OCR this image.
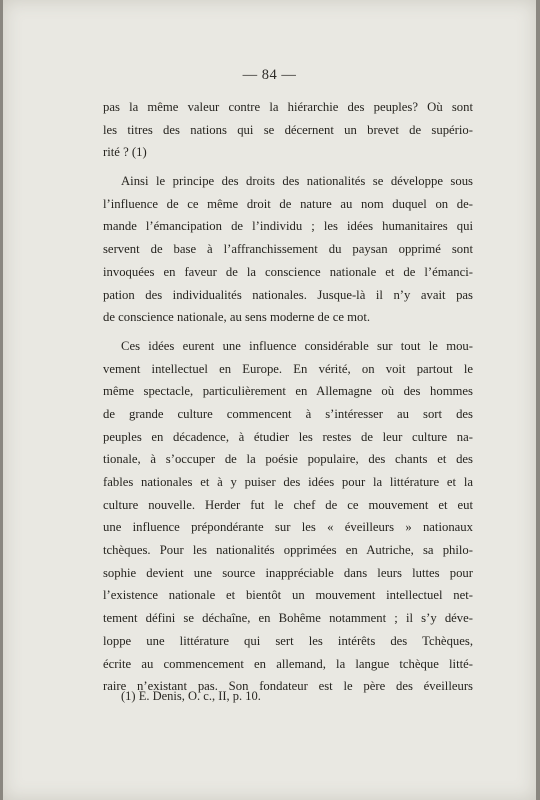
— 84 —
pas la même valeur contre la hiérarchie des peuples? Où sont
les titres des nations qui se décernent un brevet de supério-
rité ? (1)
Ainsi le principe des droits des nationalités se développe sous
l’influence de ce même droit de nature au nom duquel on de-
mande l’émancipation de l’individu ; les idées humanitaires qui
servent de base à l’affranchissement du paysan opprimé sont
invoquées en faveur de la conscience nationale et de l’émanci-
pation des individualités nationales. Jusque-là il n’y avait pas
de conscience nationale, au sens moderne de ce mot.
Ces idées eurent une influence considérable sur tout le mou-
vement intellectuel en Europe. En vérité, on voit partout le
même spectacle, particulièrement en Allemagne où des hommes
de grande culture commencent à s’intéresser au sort des
peuples en décadence, à étudier les restes de leur culture na-
tionale, à s’occuper de la poésie populaire, des chants et des
fables nationales et à y puiser des idées pour la littérature et la
culture nouvelle. Herder fut le chef de ce mouvement et eut
une influence prépondérante sur les « éveilleurs » nationaux
tchèques. Pour les nationalités opprimées en Autriche, sa philo-
sophie devient une source inappréciable dans leurs luttes pour
l’existence nationale et bientôt un mouvement intellectuel net-
tement défini se déchaîne, en Bohême notamment ; il s’y déve-
loppe une littérature qui sert les intérêts des Tchèques,
écrite au commencement en allemand, la langue tchèque litté-
raire n’existant pas. Son fondateur est le père des éveilleurs
(1) E. Denis, O. c., II, p. 10.
